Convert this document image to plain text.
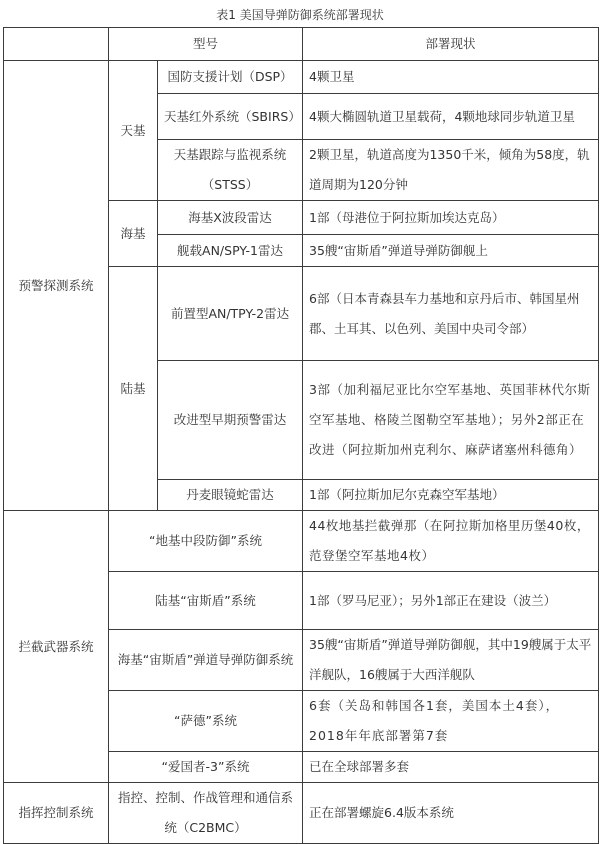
表1 美国导弹防御系统部署现状
	型号		部署现状
预警探测系统	天基	国防支援计划（DSP）	4颗卫星
		天基红外系统（SBIRS）	4颗大椭圆轨道卫星载荷，4颗地球同步轨道卫星
		天基跟踪与监视系统（STSS）	2颗卫星，轨道高度为1350千米，倾角为58度，轨道周期为120分钟
	海基	海基X波段雷达	1部（母港位于阿拉斯加埃达克岛）
		舰载AN/SPY-1雷达	35艘“宙斯盾”弹道导弹防御舰上
	陆基	前置型AN/TPY-2雷达	6部（日本青森县车力基地和京丹后市、韩国星州郡、土耳其、以色列、美国中央司令部）
		改进型早期预警雷达	3部（加利福尼亚比尔空军基地、英国菲林代尔斯空军基地、格陵兰图勒空军基地）；另外2部正在改进（阿拉斯加州克利尔、麻萨诸塞州科德角）
		丹麦眼镜蛇雷达	1部（阿拉斯加尼尔克森空军基地）
拦截武器系统	“地基中段防御”系统		44枚地基拦截弹那（在阿拉斯加格里历堡40枚，范登堡空军基地4枚）
	陆基“宙斯盾”系统		1部（罗马尼亚）；另外1部正在建设（波兰）
	海基“宙斯盾”弹道导弹防御系统		35艘“宙斯盾”弹道导弹防御舰，其中19艘属于太平洋舰队，16艘属于大西洋舰队
	“萨德”系统		6套（关岛和韩国各1套，美国本土4套），2018年年底部署第7套
	“爱国者-3”系统		已在全球部署多套
指挥控制系统	指控、控制、作战管理和通信系统（C2BMC）		正在部署螺旋6.4版本系统
